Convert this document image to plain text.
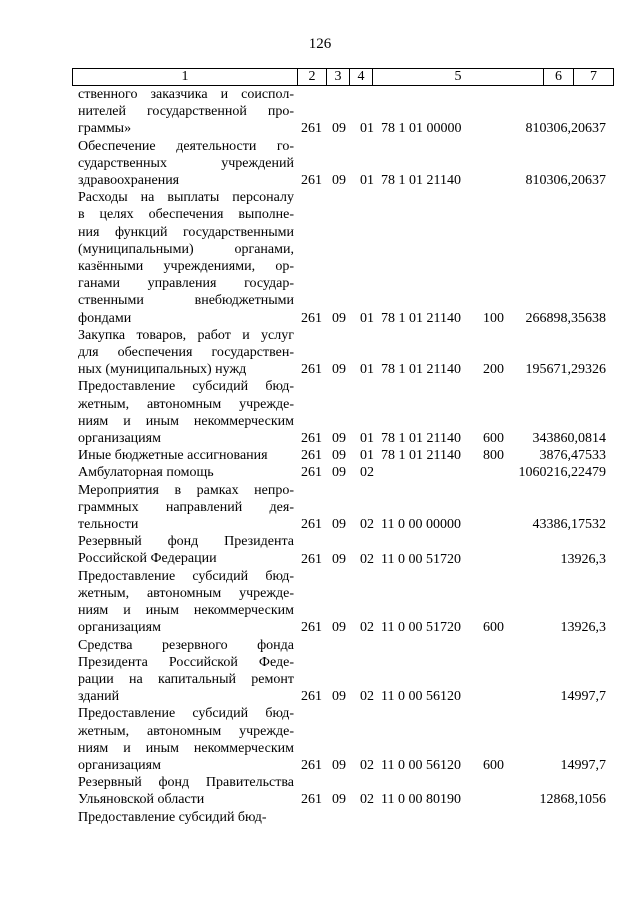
126
1	2	3	4	5	6	7
ственного заказчика и соиспол-
нителей государственной про-
граммы»	261 09 01 78 1 01 00000	810306,20637
Обеспечение деятельности го-
сударственных учреждений
здравоохранения	261 09 01 78 1 01 21140	810306,20637
Расходы на выплаты персоналу
в целях обеспечения выполне-
ния функций государственными
(муниципальными) органами,
казёнными учреждениями, ор-
ганами управления государ-
ственными внебюджетными
фондами	261 09 01 78 1 01 21140 100 266898,35638
Закупка товаров, работ и услуг
для обеспечения государствен-
ных (муниципальных) нужд	261 09 01 78 1 01 21140 200 195671,29326
Предоставление субсидий бюд-
жетным, автономным учрежде-
ниям и иным некоммерческим
организациям	261 09 01 78 1 01 21140 600 343860,0814
Иные бюджетные ассигнования	261 09 01 78 1 01 21140 800	3876,47533
Амбулаторная помощь	261 09 02	1060216,22479
Мероприятия в рамках непро-
граммных направлений дея-
тельности	261 09 02 11 0 00 00000	43386,17532
Резервный фонд Президента
Российской Федерации	261 09 02 11 0 00 51720	13926,3
Предоставление субсидий бюд-
жетным, автономным учрежде-
ниям и иным некоммерческим
организациям	261 09 02 11 0 00 51720 600	13926,3
Средства резервного фонда
Президента Российской Феде-
рации на капитальный ремонт
зданий	261 09 02 11 0 00 56120	14997,7
Предоставление субсидий бюд-
жетным, автономным учрежде-
ниям и иным некоммерческим
организациям	261 09 02 11 0 00 56120 600	14997,7
Резервный фонд Правительства
Ульяновской области	261 09 02 11 0 00 80190	12868,1056
Предоставление субсидий бюд-
